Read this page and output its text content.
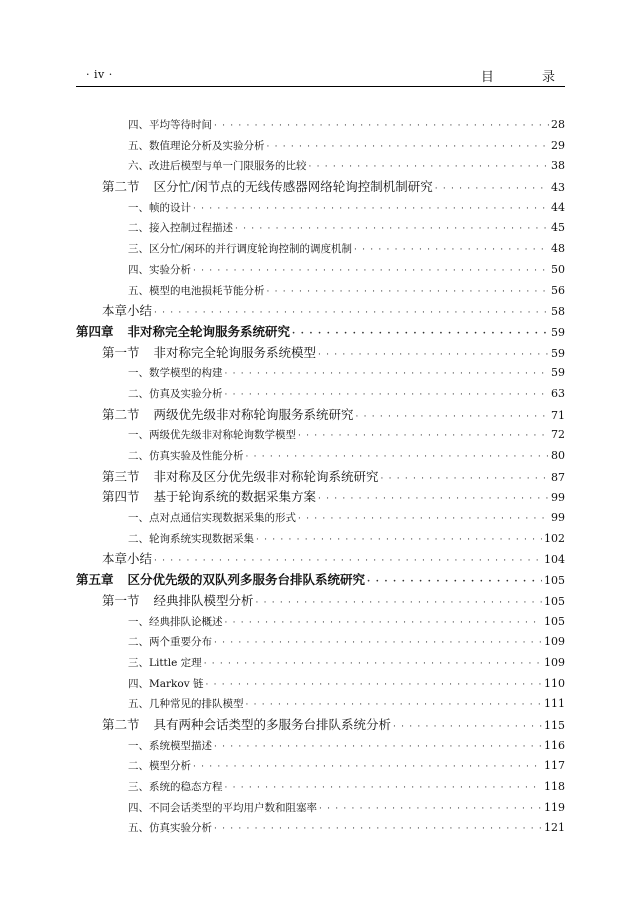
· iv ·	目 录
四、平均等待时间 · · ·	28
五、数值理论分析及实验分析 · · ·	29
六、改进后模型与单一门限服务的比较 · · ·	38
第二节 区分忙/闲节点的无线传感器网络轮询控制机制研究 · · ·	43
一、帧的设计 · · ·	44
二、接入控制过程描述 · · ·	45
三、区分忙/闲环的并行调度轮询控制的调度机制 · · ·	48
四、实验分析 · · ·	50
五、模型的电池损耗节能分析 · · ·	56
本章小结 · · ·	58
第四章 非对称完全轮询服务系统研究 · · ·	59
第一节 非对称完全轮询服务系统模型 · · ·	59
一、数学模型的构建 · · ·	59
二、仿真及实验分析 · · ·	63
第二节 两级优先级非对称轮询服务系统研究 · · ·	71
一、两级优先级非对称轮询数学模型 · · ·	72
二、仿真实验及性能分析 · · ·	80
第三节 非对称及区分优先级非对称轮询系统研究 · · ·	87
第四节 基于轮询系统的数据采集方案 · · ·	99
一、点对点通信实现数据采集的形式 · · ·	99
二、轮询系统实现数据采集 · · ·	102
本章小结 · · ·	104
第五章 区分优先级的双队列多服务台排队系统研究 · · ·	105
第一节 经典排队模型分析 · · ·	105
一、经典排队论概述 · · ·	105
二、两个重要分布 · · ·	109
三、Little 定理 · · ·	109
四、Markov 链 · · ·	110
五、几种常见的排队模型 · · ·	111
第二节 具有两种会话类型的多服务台排队系统分析 · · ·	115
一、系统模型描述 · · ·	116
二、模型分析 · · ·	117
三、系统的稳态方程 · · ·	118
四、不同会话类型的平均用户数和阻塞率 · · ·	119
五、仿真实验分析 · · ·	121
